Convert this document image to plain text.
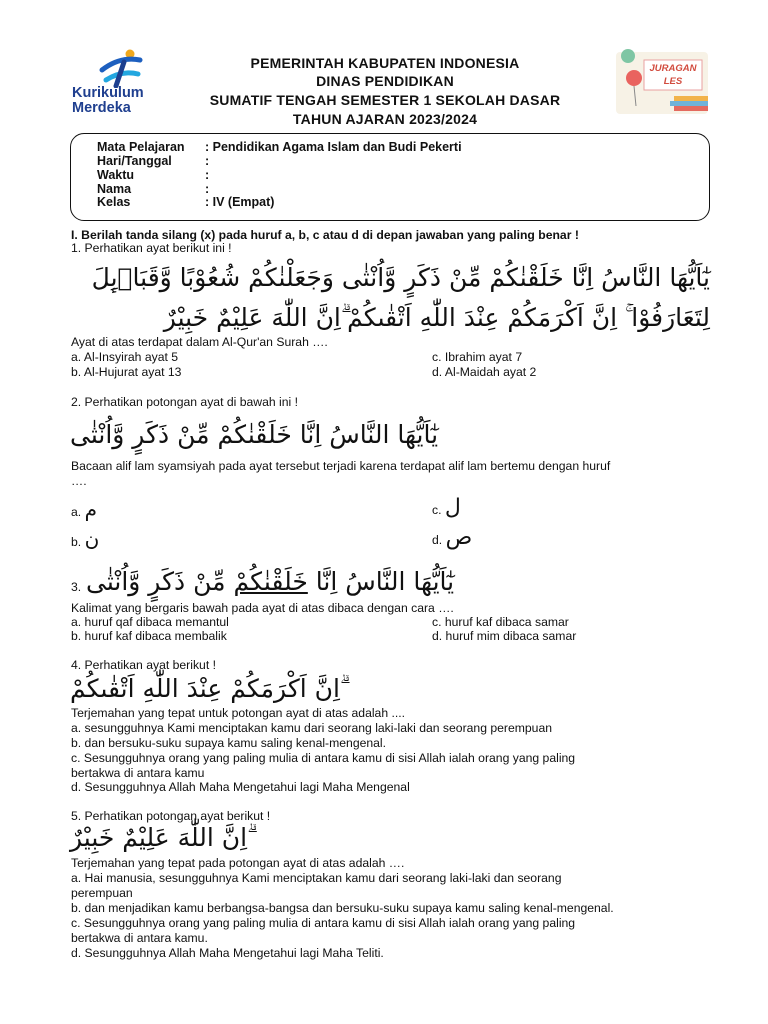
Kurikulum
Merdeka
JURAGAN
LES
PEMERINTAH KABUPATEN INDONESIA
DINAS PENDIDIKAN
SUMATIF TENGAH SEMESTER 1 SEKOLAH DASAR
TAHUN AJARAN 2023/2024
Mata Pelajaran	: Pendidikan Agama Islam dan Budi Pekerti
Hari/Tanggal	:
Waktu	:
Nama	:
Kelas	: IV (Empat)
I. Berilah tanda silang (x) pada huruf a, b, c atau d di depan jawaban yang paling benar !
1. Perhatikan ayat berikut ini !
يٰٓاَيُّهَا النَّاسُ اِنَّا خَلَقْنٰكُمْ مِّنْ ذَكَرٍ وَّاُنْثٰى وَجَعَلْنٰكُمْ شُعُوْبًا وَّقَبَاۤىِٕلَ
لِتَعَارَفُوْا ۚ اِنَّ اَكْرَمَكُمْ عِنْدَ اللّٰهِ اَتْقٰىكُمْ ۗاِنَّ اللّٰهَ عَلِيْمٌ خَبِيْرٌ
Ayat di atas terdapat dalam Al-Qur'an Surah ….
a. Al-Insyirah ayat 5
b. Al-Hujurat ayat 13
c. Ibrahim ayat 7
d. Al-Maidah ayat 2
2. Perhatikan potongan ayat di bawah ini !
يٰٓاَيُّهَا النَّاسُ اِنَّا خَلَقْنٰكُمْ مِّنْ ذَكَرٍ وَّاُنْثٰى
Bacaan alif lam syamsiyah pada ayat tersebut terjadi karena terdapat alif lam bertemu dengan huruf
….
a. م
b. ن
c. ل
d. ص
3.	يٰٓاَيُّهَا النَّاسُ اِنَّا خَلَقْنٰكُمْ مِّنْ ذَكَرٍ وَّاُنْثٰى
Kalimat yang bergaris bawah pada ayat di atas dibaca dengan cara ….
a. huruf qaf dibaca memantul
b. huruf kaf dibaca membalik
c. huruf kaf dibaca samar
d. huruf mim dibaca samar
4. Perhatikan ayat berikut !
ۗاِنَّ اَكْرَمَكُمْ عِنْدَ اللّٰهِ اَتْقٰىكُمْ
Terjemahan yang tepat untuk potongan ayat di atas adalah ....
a. sesungguhnya Kami menciptakan kamu dari seorang laki-laki dan seorang perempuan
b. dan bersuku-suku supaya kamu saling kenal-mengenal.
c. Sesungguhnya orang yang paling mulia di antara kamu di sisi Allah ialah orang yang paling
bertakwa di antara kamu
d. Sesungguhnya Allah Maha Mengetahui lagi Maha Mengenal
5. Perhatikan potongan ayat berikut !
ۗاِنَّ اللّٰهَ عَلِيْمٌ خَبِيْرٌ
Terjemahan yang tepat pada potongan ayat di atas adalah ….
a. Hai manusia, sesungguhnya Kami menciptakan kamu dari seorang laki-laki dan seorang
perempuan
b. dan menjadikan kamu berbangsa-bangsa dan bersuku-suku supaya kamu saling kenal-mengenal.
c. Sesungguhnya orang yang paling mulia di antara kamu di sisi Allah ialah orang yang paling
bertakwa di antara kamu.
d. Sesungguhnya Allah Maha Mengetahui lagi Maha Teliti.
